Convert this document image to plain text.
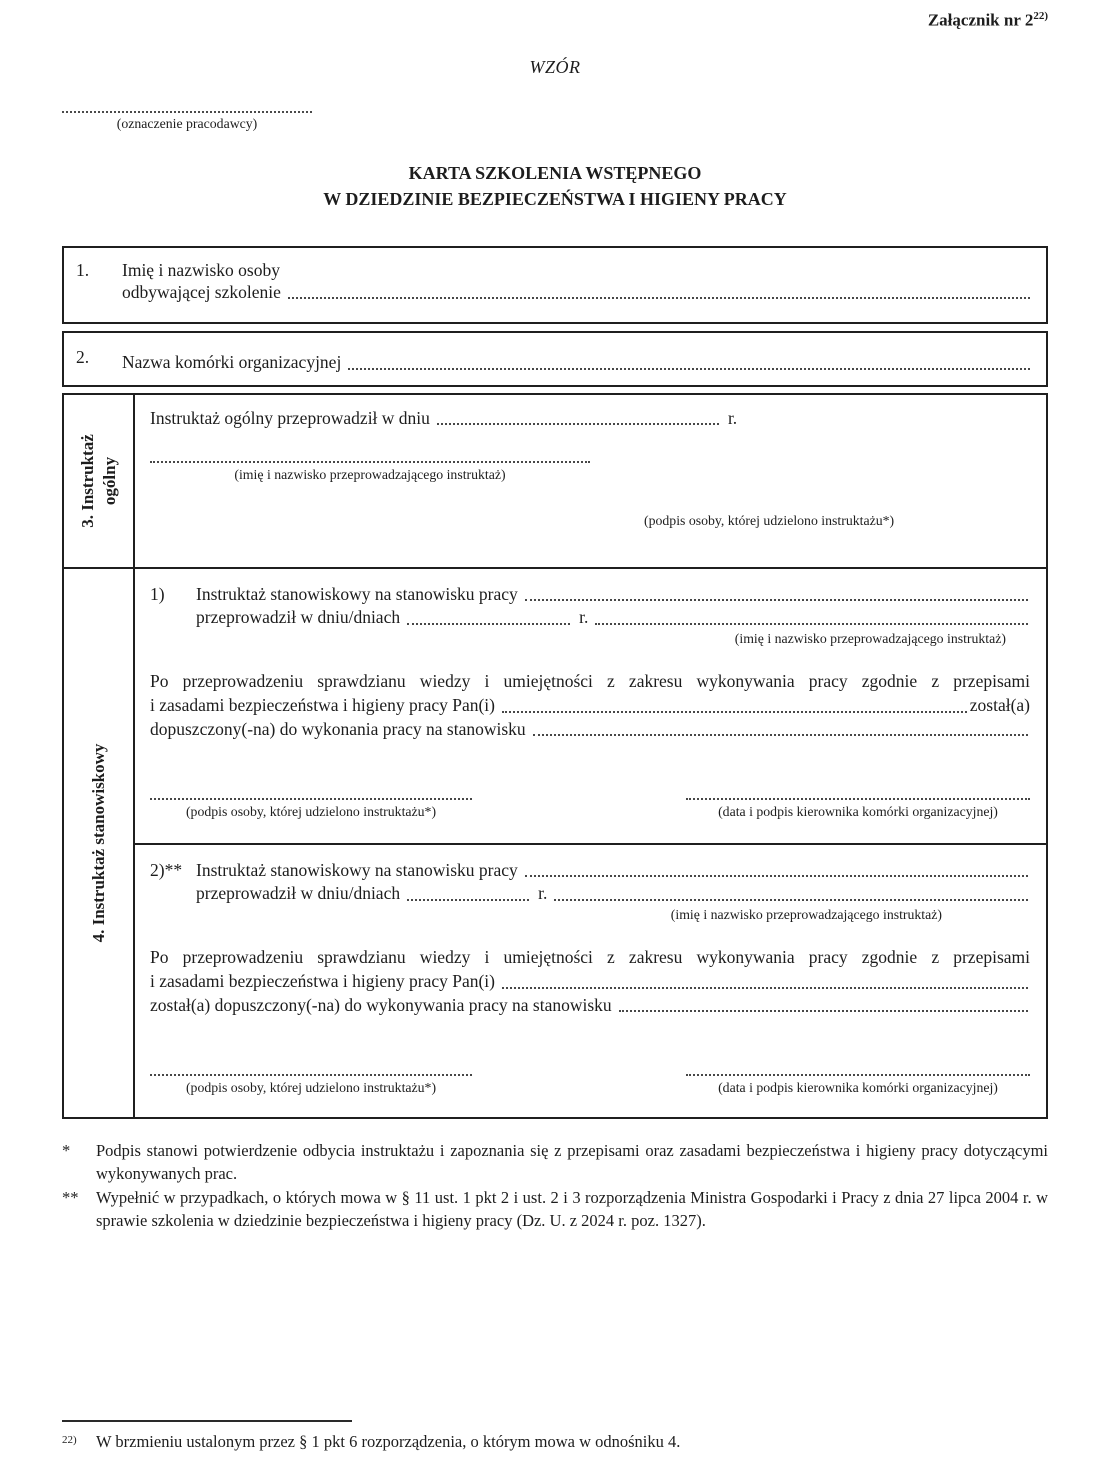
Załącznik nr 2$^{22)}$
WZÓR
(oznaczenie pracodawcy)
KARTA SZKOLENIA WSTĘPNEGO
W DZIEDZINIE BEZPIECZEŃSTWA I HIGIENY PRACY
1.	Imię i nazwisko osoby
odbywającej szkolenie
2.	Nazwa komórki organizacyjnej
3. Instruktaż ogólny
Instruktaż ogólny przeprowadził w dniu	r.
(imię i nazwisko przeprowadzającego instruktaż)
(podpis osoby, której udzielono instruktażu*)
4. Instruktaż stanowiskowy
1)	Instruktaż stanowiskowy na stanowisku pracy
przeprowadził w dniu/dniach	r.
(imię i nazwisko przeprowadzającego instruktaż)
Po przeprowadzeniu sprawdzianu wiedzy i umiejętności z zakresu wykonywania pracy zgodnie z przepisami
i zasadami bezpieczeństwa i higieny pracy Pan(i)	został(a)
dopuszczony(-na) do wykonania pracy na stanowisku
(podpis osoby, której udzielono instruktażu*)	(data i podpis kierownika komórki organizacyjnej)
2)** Instruktaż stanowiskowy na stanowisku pracy
przeprowadził w dniu/dniach	r.
(imię i nazwisko przeprowadzającego instruktaż)
Po przeprowadzeniu sprawdzianu wiedzy i umiejętności z zakresu wykonywania pracy zgodnie z przepisami
i zasadami bezpieczeństwa i higieny pracy Pan(i)
został(a) dopuszczony(-na) do wykonywania pracy na stanowisku
(podpis osoby, której udzielono instruktażu*)	(data i podpis kierownika komórki organizacyjnej)
*	Podpis stanowi potwierdzenie odbycia instruktażu i zapoznania się z przepisami oraz zasadami bezpieczeństwa i higieny pracy dotyczącymi wykonywanych prac.
**	Wypełnić w przypadkach, o których mowa w § 11 ust. 1 pkt 2 i ust. 2 i 3 rozporządzenia Ministra Gospodarki i Pracy z dnia 27 lipca 2004 r. w sprawie szkolenia w dziedzinie bezpieczeństwa i higieny pracy (Dz. U. z 2024 r. poz. 1327).
22)	W brzmieniu ustalonym przez § 1 pkt 6 rozporządzenia, o którym mowa w odnośniku 4.
